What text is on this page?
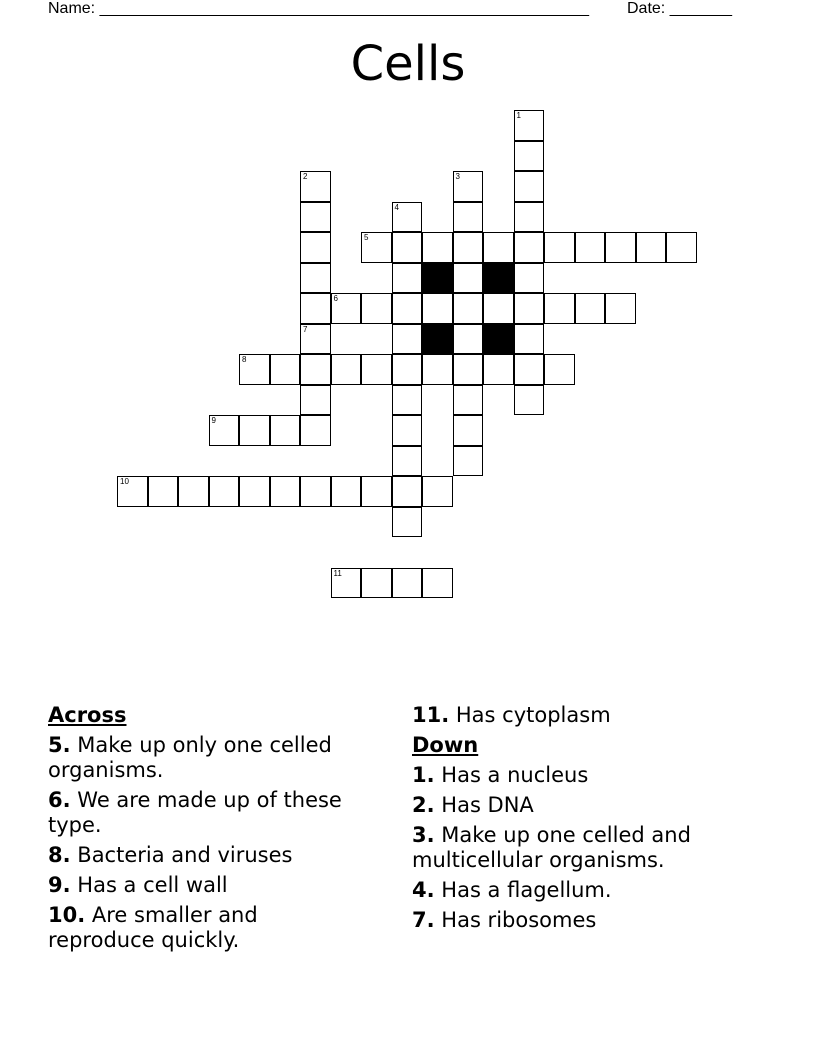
Name: _______________________________________________________ Date: _______
Cells
1
2
7
3
4
5
6
8
9
10
11
Across
5. Make up only one celled organisms.
6. We are made up of these type.
8. Bacteria and viruses
9. Has a cell wall
10. Are smaller and reproduce quickly.
11. Has cytoplasm
Down
1. Has a nucleus
2. Has DNA
3. Make up one celled and multicellular organisms.
4. Has a flagellum.
7. Has ribosomes
